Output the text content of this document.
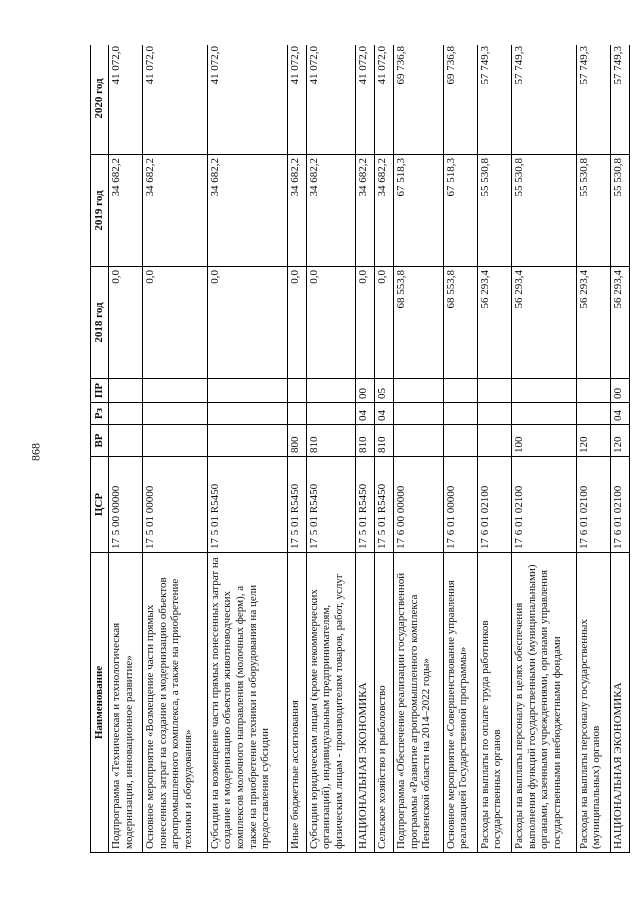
868
Наименование	ЦСР	ВР	Рз	ПР	2018 год	2019 год	2020 год
Подпрограмма «Техническая и технологическая модернизация, инновационное развитие»	17 5 00 00000				0,0	34 682,2	41 072,0
Основное мероприятие «Возмещение части прямых понесенных затрат на создание и модернизацию объектов агропромышленного комплекса, а также на приобретение техники и оборудования»	17 5 01 00000				0,0	34 682,2	41 072,0
Субсидии на возмещение части прямых понесенных затрат на создание и модернизацию объектов животноводческих комплексов молочного направления (молочных ферм), а также на приобретение техники и оборудования на цели предоставления субсидии	17 5 01 R5450				0,0	34 682,2	41 072,0
Иные бюджетные ассигнования	17 5 01 R5450	800			0,0	34 682,2	41 072,0
Субсидии юридическим лицам (кроме некоммерческих организаций), индивидуальным предпринимателям, физическим лицам - производителям товаров, работ, услуг	17 5 01 R5450	810			0,0	34 682,2	41 072,0
НАЦИОНАЛЬНАЯ ЭКОНОМИКА	17 5 01 R5450	810	04	00	0,0	34 682,2	41 072,0
Сельское хозяйство и рыболовство	17 5 01 R5450	810	04	05	0,0	34 682,2	41 072,0
Подпрограмма «Обеспечение реализации государственной программы «Развитие агропромышленного комплекса Пензенской области на 2014–2022 годы»	17 6 00 00000				68 553,8	67 518,3	69 736,8
Основное мероприятие «Совершенствование управления реализацией Государственной программы»	17 6 01 00000				68 553,8	67 518,3	69 736,8
Расходы на выплаты по оплате труда работников государственных органов	17 6 01 02100				56 293,4	55 530,8	57 749,3
Расходы на выплаты персоналу в целях обеспечения выполнения функций государственными (муниципальными) органами, казенными учреждениями, органами управления государственными внебюджетными фондами	17 6 01 02100	100			56 293,4	55 530,8	57 749,3
Расходы на выплаты персоналу государственных (муниципальных) органов	17 6 01 02100	120			56 293,4	55 530,8	57 749,3
НАЦИОНАЛЬНАЯ ЭКОНОМИКА	17 6 01 02100	120	04	00	56 293,4	55 530,8	57 749,3
